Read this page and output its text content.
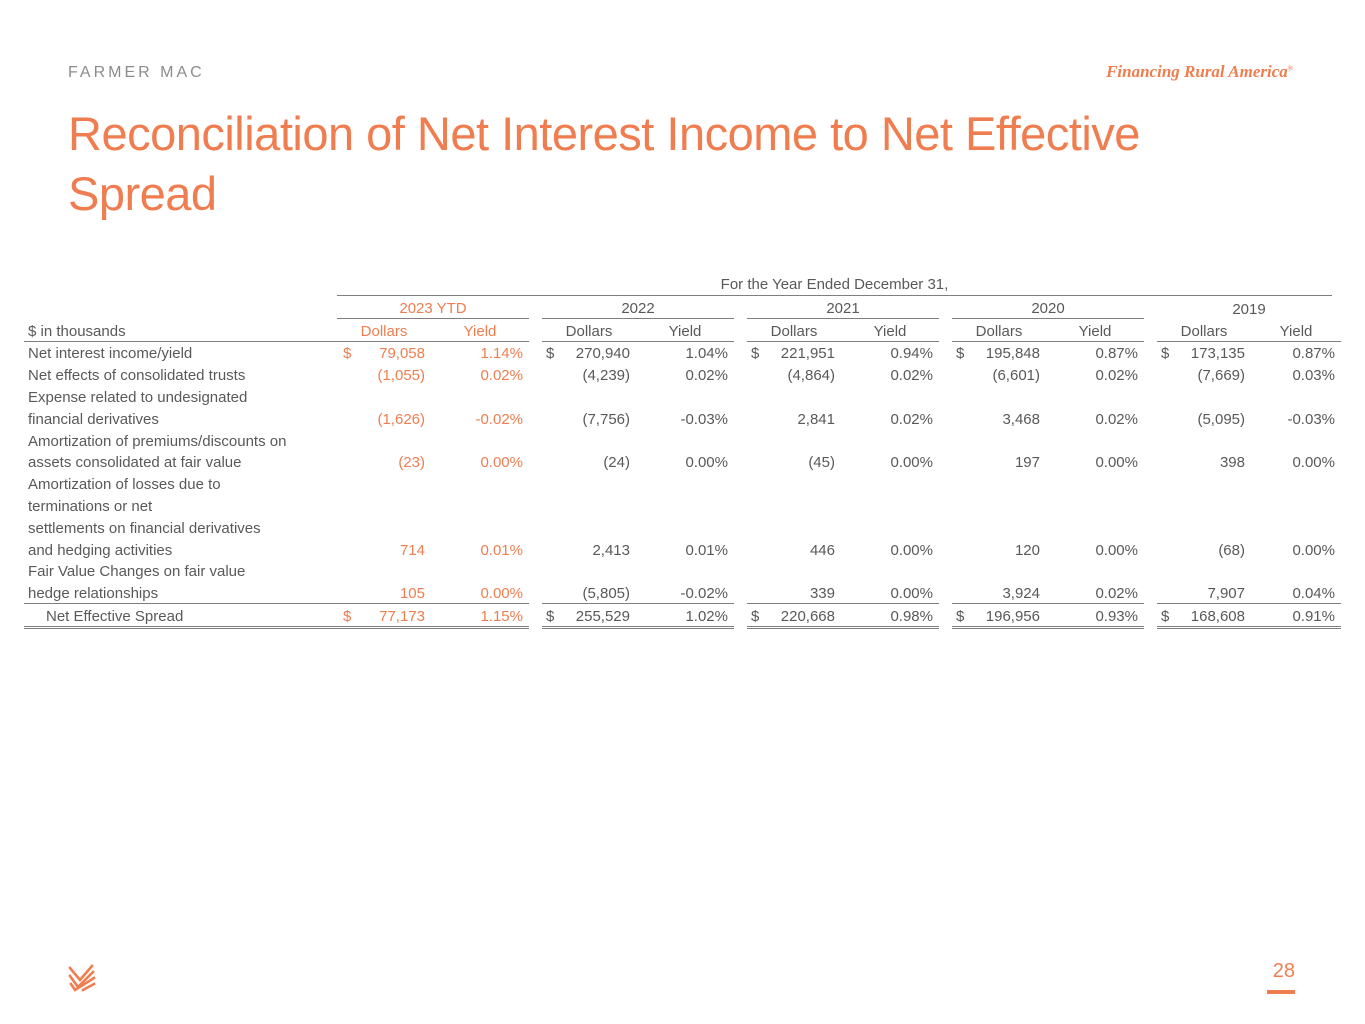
FARMER MAC	Financing Rural America®
Reconciliation of Net Interest Income to Net Effective Spread
For the Year Ended December 31,
	2023 YTD				2022				2021				2020				2019		
$ in thousands	Dollars		Yield		Dollars		Yield		Dollars		Yield		Dollars		Yield		Dollars		Yield
Net interest income/yield	$	79,058	1.14%		$	270,940	1.04%		$	221,951	0.94%		$	195,848	0.87%		$	173,135	0.87%
Net effects of consolidated trusts		(1,055)	0.02%			(4,239)	0.02%			(4,864)	0.02%			(6,601)	0.02%			(7,669)	0.03%
Expense related to undesignated																			
financial derivatives		(1,626)	-0.02%			(7,756)	-0.03%			2,841	0.02%			3,468	0.02%			(5,095)	-0.03%
Amortization of premiums/discounts on																			
assets consolidated at fair value		(23)	0.00%			(24)	0.00%			(45)	0.00%			197	0.00%			398	0.00%
Amortization of losses due to																			
terminations or net																			
settlements on financial derivatives																			
and hedging activities		714	0.01%			2,413	0.01%			446	0.00%			120	0.00%			(68)	0.00%
Fair Value Changes on fair value																			
hedge relationships		105	0.00%			(5,805)	-0.02%			339	0.00%			3,924	0.02%			7,907	0.04%
Net Effective Spread	$	77,173	1.15%		$	255,529	1.02%		$	220,668	0.98%		$	196,956	0.93%		$	168,608	0.91%
28
